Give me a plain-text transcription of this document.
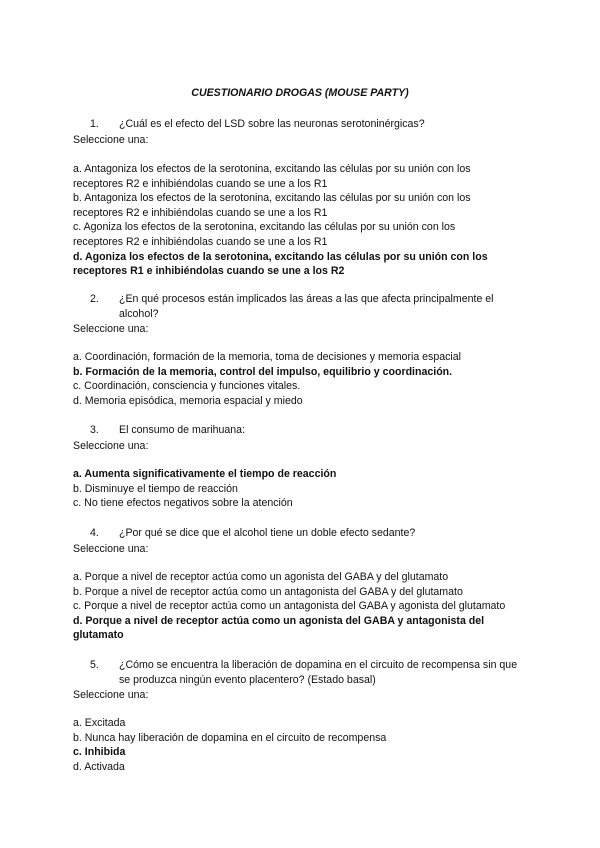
CUESTIONARIO DROGAS (MOUSE PARTY)
1. ¿Cuál es el efecto del LSD sobre las neuronas serotoninérgicas?
Seleccione una:
a. Antagoniza los efectos de la serotonina, excitando las células por su unión con los
receptores R2 e inhibiéndolas cuando se une a los R1
b. Antagoniza los efectos de la serotonina, excitando las células por su unión con los
receptores R2 e inhibiéndolas cuando se une a los R1
c. Agoniza los efectos de la serotonina, excitando las células por su unión con los
receptores R2 e inhibiéndolas cuando se une a los R1
d. Agoniza los efectos de la serotonina, excitando las células por su unión con los
receptores R1 e inhibiéndolas cuando se une a los R2
2. ¿En qué procesos están implicados las áreas a las que afecta principalmente el
alcohol?
Seleccione una:
a. Coordinación, formación de la memoria, toma de decisiones y memoria espacial
b. Formación de la memoria, control del impulso, equilibrio y coordinación.
c. Coordinación, consciencia y funciones vitales.
d. Memoria episódica, memoria espacial y miedo
3. El consumo de marihuana:
Seleccione una:
a. Aumenta significativamente el tiempo de reacción
b. Disminuye el tiempo de reacción
c. No tiene efectos negativos sobre la atención
4. ¿Por qué se dice que el alcohol tiene un doble efecto sedante?
Seleccione una:
a. Porque a nivel de receptor actúa como un agonista del GABA y del glutamato
b. Porque a nivel de receptor actúa como un antagonista del GABA y del glutamato
c. Porque a nivel de receptor actúa como un antagonista del GABA y agonista del glutamato
d. Porque a nivel de receptor actúa como un agonista del GABA y antagonista del
glutamato
5. ¿Cómo se encuentra la liberación de dopamina en el circuito de recompensa sin que
se produzca ningún evento placentero? (Estado basal)
Seleccione una:
a. Excitada
b. Nunca hay liberación de dopamina en el circuito de recompensa
c. Inhibida
d. Activada
